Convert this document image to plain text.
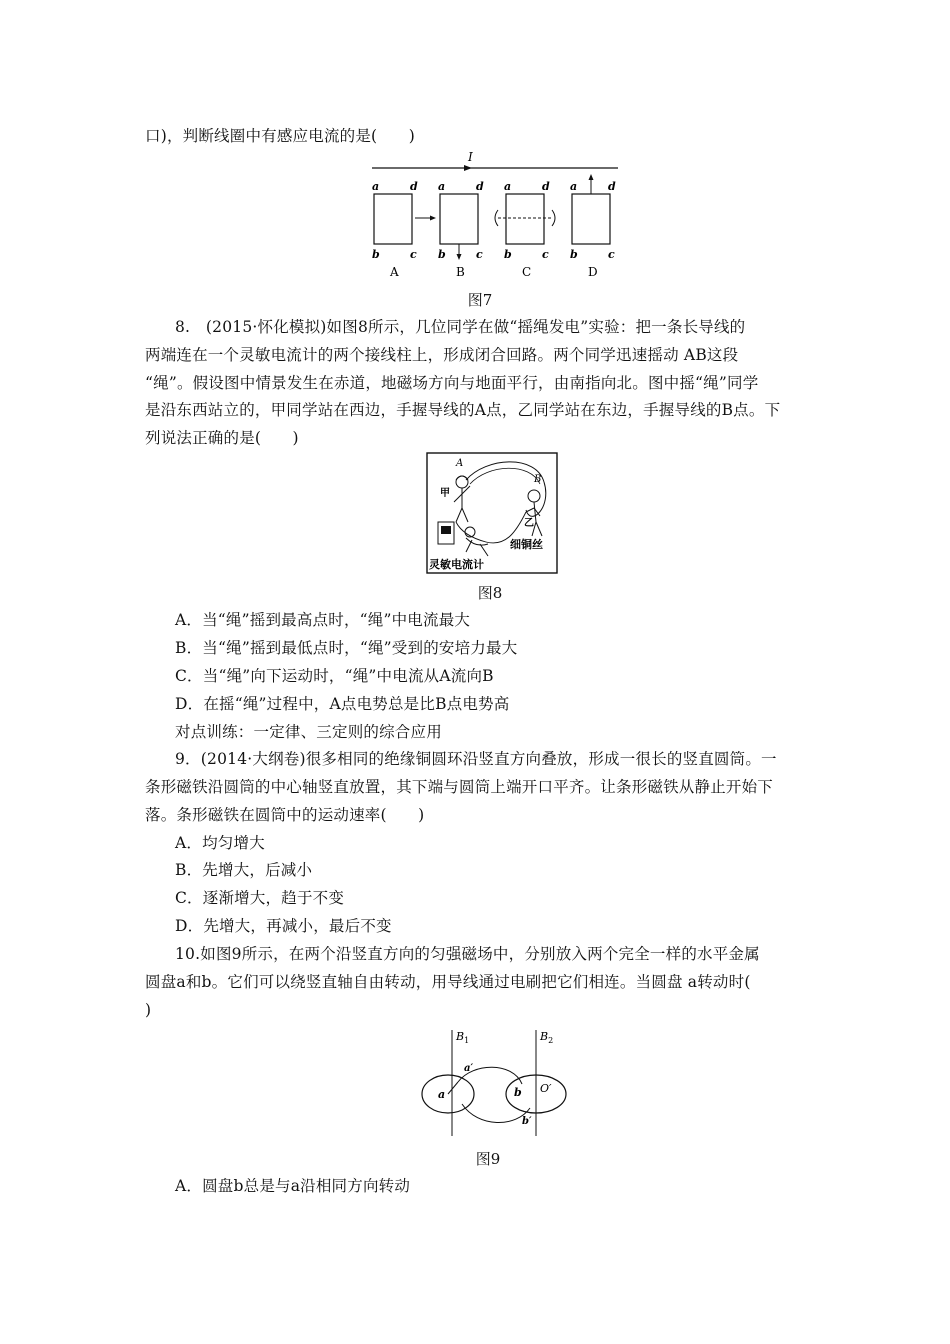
口)，判断线圈中有感应电流的是(　　)
I
a	d
b	c
A
a	d
b	c
B
a	d
b	c
C
a	d
b	c
D
图7
8.　(2015·怀化模拟)如图8所示，几位同学在做“摇绳发电”实验：把一条长导线的
两端连在一个灵敏电流计的两个接线柱上，形成闭合回路。两个同学迅速摇动 AB这段
“绳”。假设图中情景发生在赤道，地磁场方向与地面平行，由南指向北。图中摇“绳”同学
是沿东西站立的，甲同学站在西边，手握导线的A点，乙同学站在东边，手握导线的B点。下
列说法正确的是(　　)
A
B
甲
乙
细铜丝
灵敏电流计
图8
A．当“绳”摇到最高点时，“绳”中电流最大
B．当“绳”摇到最低点时，“绳”受到的安培力最大
C．当“绳”向下运动时，“绳”中电流从A流向B
D．在摇“绳”过程中，A点电势总是比B点电势高
对点训练：一定律、三定则的综合应用
9．(2014·大纲卷)很多相同的绝缘铜圆环沿竖直方向叠放，形成一很长的竖直圆筒。一
条形磁铁沿圆筒的中心轴竖直放置，其下端与圆筒上端开口平齐。让条形磁铁从静止开始下
落。条形磁铁在圆筒中的运动速率(　　)
A．均匀增大
B．先增大，后减小
C．逐渐增大，趋于不变
D．先增大，再减小，最后不变
10.如图9所示，在两个沿竖直方向的匀强磁场中，分别放入两个完全一样的水平金属
圆盘a和b。它们可以绕竖直轴自由转动，用导线通过电刷把它们相连。当圆盘 a转动时(
)
$B_1$	$B_2$
a′
a	b O′
b′
图9
A．圆盘b总是与a沿相同方向转动
